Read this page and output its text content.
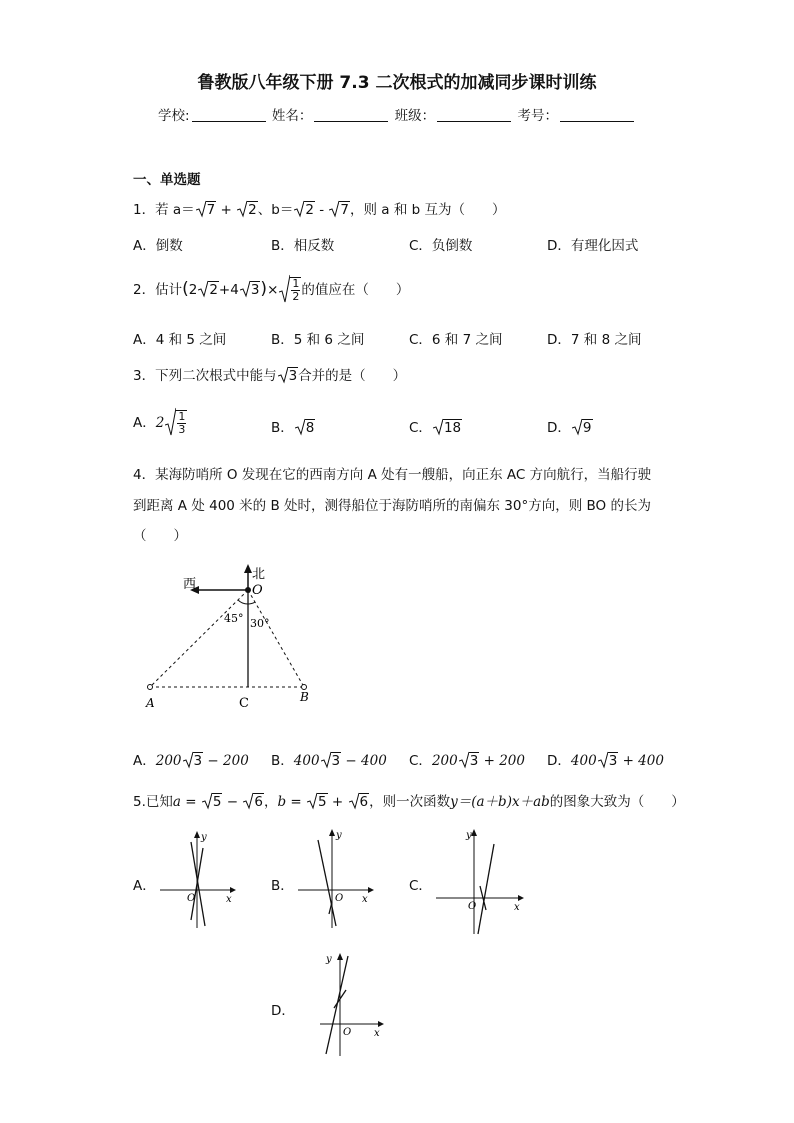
鲁教版八年级下册 7.3 二次根式的加减同步课时训练
学校:	姓名：	班级：	考号：
一、单选题
1．若 a＝ 7 +
2、b＝ 2 -
7，则 a 和 b 互为（　　）
A．倒数	B．相反数	C．负倒数	D．有理化因式
2．估计(2 2+4 $3)\times \frac{1}{2}$ 的值应在（　　）
A．4 和 5 之间	B．5 和 6 之间	C．6 和 7 之间	D．7 和 8 之间
3．下列二次根式中能与 3合并的是（　　）
A．$2 \frac{1}{3}$	B． 8	C． 18	D． 9
4．某海防哨所 O 发现在它的西南方向 A 处有一艘船，向正东 AC 方向航行，当船行驶
到距离 A 处 400 米的 B 处时，测得船位于海防哨所的南偏东 30°方向，则 BO 的长为
（　　）
西
北
O
45° 30°
A	C	B
A．200 3 − 200 B．400 3 − 400 C．200 3 + 200 D．400 3 + 400
5.已知a =
5 −
6，b =
5 +
6，则一次函数y＝(a＋b)x＋ab的图象大致为（　　）
A．
y
x
O
B．
y
x
O
C．
y
x
O
D．
y
x
O
